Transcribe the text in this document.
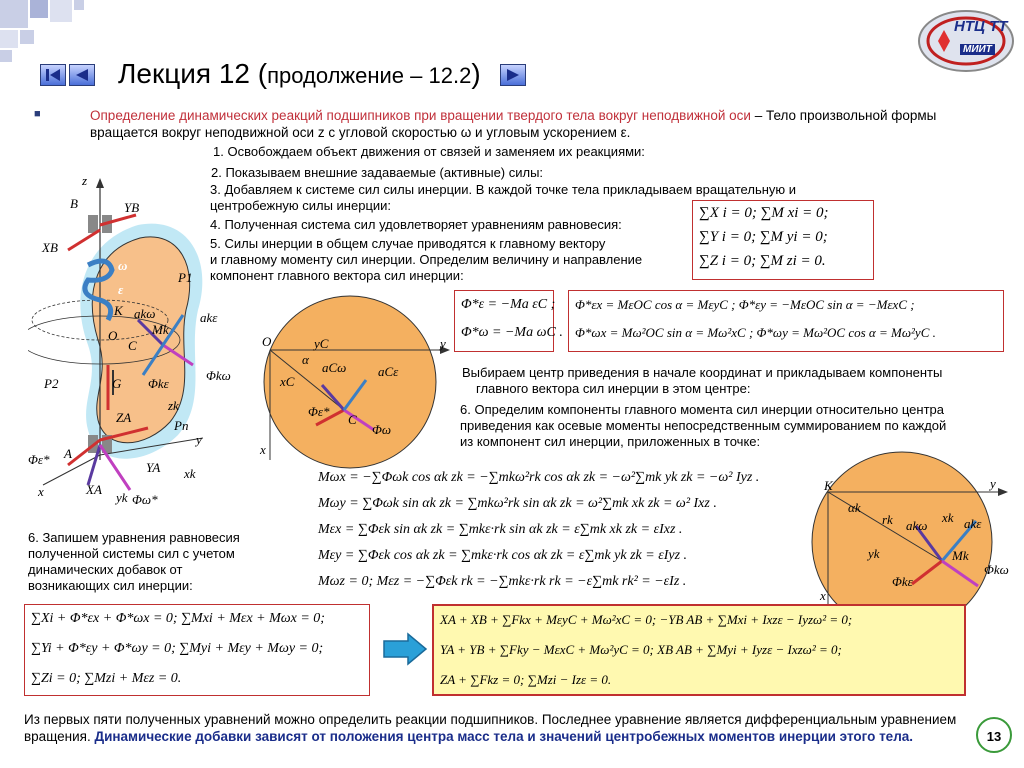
Лекция 12 (продолжение – 12.2)
НТЦ ТТ
МИИТ
■	Определение динамических реакций подшипников при вращении твердого тела вокруг неподвижной оси – Тело произвольной формы вращается вокруг неподвижной оси z с угловой скоростью ω и угловым ускорением ε.
1. Освобождаем объект движения от связей и заменяем их реакциями:
2. Показываем внешние задаваемые (активные) силы:
3. Добавляем к системе сил силы инерции. В каждой точке тела прикладываем вращательную и
центробежную силы инерции:
4. Полученная система сил удовлетворяет уравнениям равновесия:
5. Силы инерции в общем случае приводятся к главному вектору
и главному моменту сил инерции. Определим величину и направление
компонент главного вектора сил инерции:
∑X i = 0; ∑M xi = 0;
∑Y i = 0; ∑M yi = 0;
∑Z i = 0; ∑M zi = 0.
Φ*ε = −Ma εC ;
Φ*ω = −Ma ωC .
Φ*εx = MεOC cos α = MεyC ; Φ*εy = −MεOC sin α = −MεxC ;
Φ*ωx = Mω²OC sin α = Mω²xC ; Φ*ωy = Mω²OC cos α = Mω²yC .
Выбираем центр приведения в начале координат и прикладываем компоненты
главного вектора сил инерции в этом центре:
6. Определим компоненты главного момента сил инерции относительно центра
приведения как осевые моменты непосредственным суммированием по каждой
из компонент сил инерции, приложенных в точке:
z
B	YB
XB
ω
ε
P1
K akω	akε
O
C
Mk
P2	G Φkε
Φkω
zk
ZA
Pn
y
A
Φε*
YA xk
x	XA
yk Φω*
O	yC	y
α
aCω aCε
xC
Φε*
C
Φω
x
K	y
αk
rk	xk
akω	akε
yk	Mk
Φkε
Φkω
x
Mωx = −∑Φωk cos αk zk = −∑mkω²rk cos αk zk = −ω²∑mk yk zk = −ω² Iyz .
Mωy = ∑Φωk sin αk zk = ∑mkω²rk sin αk zk = ω²∑mk xk zk = ω² Ixz .
Mεx = ∑Φεk sin αk zk = ∑mkε·rk sin αk zk = ε∑mk xk zk = εIxz .
Mεy = ∑Φεk cos αk zk = ∑mkε·rk cos αk zk = ε∑mk yk zk = εIyz .
Mωz = 0; Mεz = −∑Φεk rk = −∑mkε·rk rk = −ε∑mk rk² = −εIz .
6. Запишем уравнения равновесия
полученной системы сил с учетом
динамических добавок от
возникающих сил инерции:
∑Xi + Φ*εx + Φ*ωx = 0; ∑Mxi + Mεx + Mωx = 0;
∑Yi + Φ*εy + Φ*ωy = 0; ∑Myi + Mεy + Mωy = 0;
∑Zi = 0; ∑Mzi + Mεz = 0.
XA + XB + ∑Fkx + MεyC + Mω²xC = 0; −YB AB + ∑Mxi + Ixzε − Iyzω² = 0;
YA + YB + ∑Fky − MεxC + Mω²yC = 0; XB AB + ∑Myi + Iyzε − Ixzω² = 0;
ZA + ∑Fkz = 0; ∑Mzi − Izε = 0.
Из первых пяти полученных уравнений можно определить реакции подшипников. Последнее уравнение является дифференциальным уравнением вращения. Динамические добавки зависят от положения центра масс тела и значений центробежных моментов инерции этого тела.	13
